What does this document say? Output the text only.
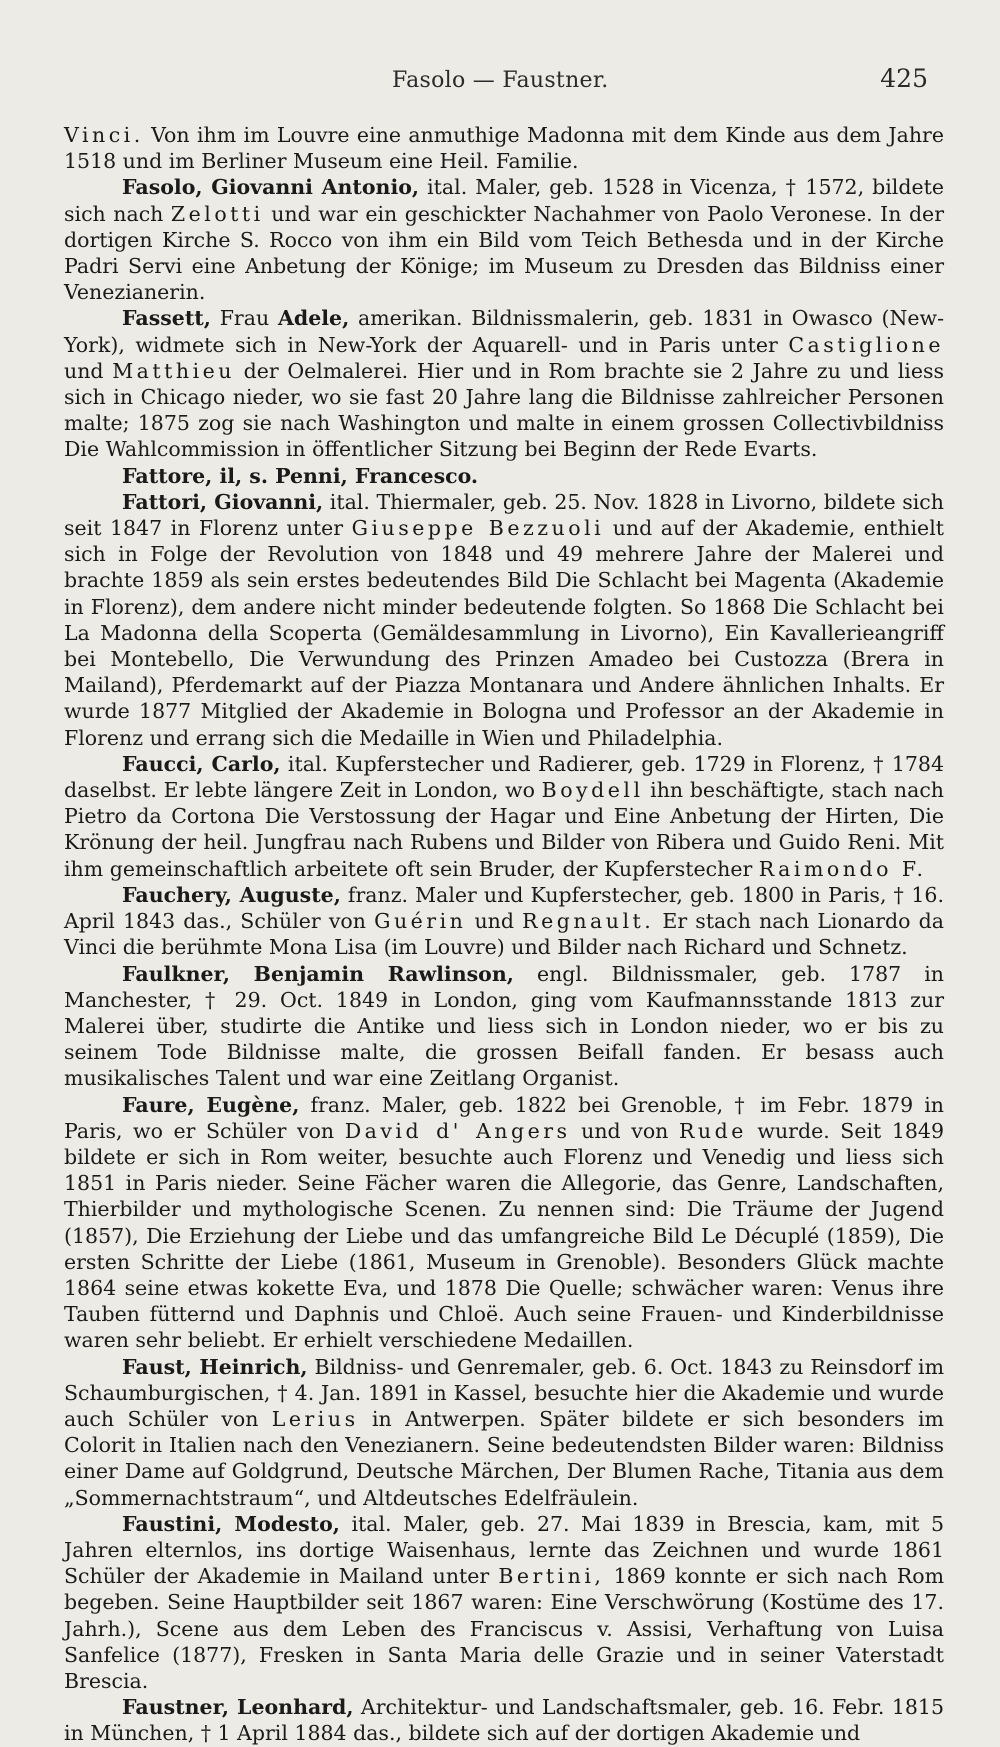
Fasolo — Faustner.	425

Vinci. Von ihm im Louvre eine anmuthige Madonna mit dem Kinde aus dem Jahre 1518 und im Berliner Museum eine Heil. Familie.

Fasolo, Giovanni Antonio, ital. Maler, geb. 1528 in Vicenza, † 1572, bildete sich nach Zelotti und war ein geschickter Nachahmer von Paolo Veronese. In der dortigen Kirche S. Rocco von ihm ein Bild vom Teich Bethesda und in der Kirche Padri Servi eine Anbetung der Könige; im Museum zu Dresden das Bildniss einer Venezianerin.

Fassett, Frau Adele, amerikan. Bildnissmalerin, geb. 1831 in Owasco (New-York), widmete sich in New-York der Aquarell- und in Paris unter Castiglione und Matthieu der Oelmalerei. Hier und in Rom brachte sie 2 Jahre zu und liess sich in Chicago nieder, wo sie fast 20 Jahre lang die Bildnisse zahlreicher Personen malte; 1875 zog sie nach Washington und malte in einem grossen Collectivbildniss Die Wahlcommission in öffentlicher Sitzung bei Beginn der Rede Evarts.

Fattore, il, s. Penni, Francesco.

Fattori, Giovanni, ital. Thiermaler, geb. 25. Nov. 1828 in Livorno, bildete sich seit 1847 in Florenz unter Giuseppe Bezzuoli und auf der Akademie, enthielt sich in Folge der Revolution von 1848 und 49 mehrere Jahre der Malerei und brachte 1859 als sein erstes bedeutendes Bild Die Schlacht bei Magenta (Akademie in Florenz), dem andere nicht minder bedeutende folgten. So 1868 Die Schlacht bei La Madonna della Scoperta (Gemäldesammlung in Livorno), Ein Kavallerieangriff bei Montebello, Die Verwundung des Prinzen Amadeo bei Custozza (Brera in Mailand), Pferdemarkt auf der Piazza Montanara und Andere ähnlichen Inhalts. Er wurde 1877 Mitglied der Akademie in Bologna und Professor an der Akademie in Florenz und errang sich die Medaille in Wien und Philadelphia.

Faucci, Carlo, ital. Kupferstecher und Radierer, geb. 1729 in Florenz, † 1784 daselbst. Er lebte längere Zeit in London, wo Boydell ihn beschäftigte, stach nach Pietro da Cortona Die Verstossung der Hagar und Eine Anbetung der Hirten, Die Krönung der heil. Jungfrau nach Rubens und Bilder von Ribera und Guido Reni. Mit ihm gemeinschaftlich arbeitete oft sein Bruder, der Kupferstecher Raimondo F.

Fauchery, Auguste, franz. Maler und Kupferstecher, geb. 1800 in Paris, † 16. April 1843 das., Schüler von Guérin und Regnault. Er stach nach Lionardo da Vinci die berühmte Mona Lisa (im Louvre) und Bilder nach Richard und Schnetz.

Faulkner, Benjamin Rawlinson, engl. Bildnissmaler, geb. 1787 in Manchester, † 29. Oct. 1849 in London, ging vom Kaufmannsstande 1813 zur Malerei über, studirte die Antike und liess sich in London nieder, wo er bis zu seinem Tode Bildnisse malte, die grossen Beifall fanden. Er besass auch musikalisches Talent und war eine Zeitlang Organist.

Faure, Eugène, franz. Maler, geb. 1822 bei Grenoble, † im Febr. 1879 in Paris, wo er Schüler von David d' Angers und von Rude wurde. Seit 1849 bildete er sich in Rom weiter, besuchte auch Florenz und Venedig und liess sich 1851 in Paris nieder. Seine Fächer waren die Allegorie, das Genre, Landschaften, Thierbilder und mythologische Scenen. Zu nennen sind: Die Träume der Jugend (1857), Die Erziehung der Liebe und das umfangreiche Bild Le Décuplé (1859), Die ersten Schritte der Liebe (1861, Museum in Grenoble). Besonders Glück machte 1864 seine etwas kokette Eva, und 1878 Die Quelle; schwächer waren: Venus ihre Tauben fütternd und Daphnis und Chloë. Auch seine Frauen- und Kinderbildnisse waren sehr beliebt. Er erhielt verschiedene Medaillen.

Faust, Heinrich, Bildniss- und Genremaler, geb. 6. Oct. 1843 zu Reinsdorf im Schaumburgischen, † 4. Jan. 1891 in Kassel, besuchte hier die Akademie und wurde auch Schüler von Lerius in Antwerpen. Später bildete er sich besonders im Colorit in Italien nach den Venezianern. Seine bedeutendsten Bilder waren: Bildniss einer Dame auf Goldgrund, Deutsche Märchen, Der Blumen Rache, Titania aus dem „Sommernachtstraum“, und Altdeutsches Edelfräulein.

Faustini, Modesto, ital. Maler, geb. 27. Mai 1839 in Brescia, kam, mit 5 Jahren elternlos, ins dortige Waisenhaus, lernte das Zeichnen und wurde 1861 Schüler der Akademie in Mailand unter Bertini, 1869 konnte er sich nach Rom begeben. Seine Hauptbilder seit 1867 waren: Eine Verschwörung (Kostüme des 17. Jahrh.), Scene aus dem Leben des Franciscus v. Assisi, Verhaftung von Luisa Sanfelice (1877), Fresken in Santa Maria delle Grazie und in seiner Vaterstadt Brescia.

Faustner, Leonhard, Architektur- und Landschaftsmaler, geb. 16. Febr. 1815 in München, † 1 April 1884 das., bildete sich auf der dortigen Akademie und
